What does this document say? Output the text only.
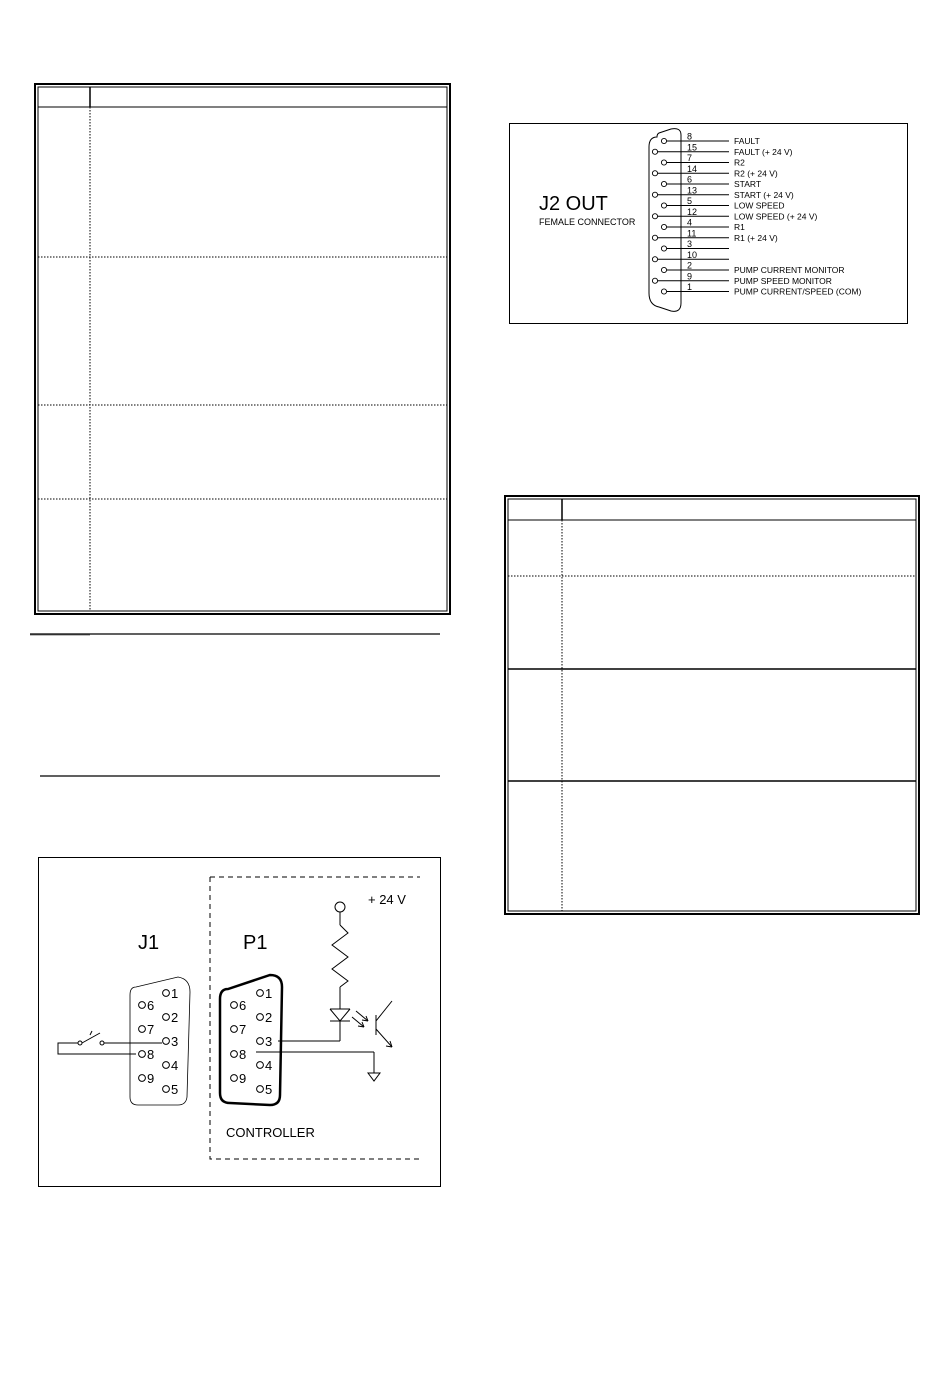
J2 OUT
FEMALE CONNECTOR
8	FAULT
15	FAULT (+ 24 V)
7	R2
14	R2 (+ 24 V)
6	START
13	START (+ 24 V)
5	LOW SPEED
12	LOW SPEED (+ 24 V)
4	R1
11	R1 (+ 24 V)
3
10
2	PUMP CURRENT MONITOR
9	PUMP SPEED MONITOR
1	PUMP CURRENT/SPEED (COM)
J1	P1
+ 24 V
CONTROLLER
1
2
3
4
5
6
7
8
9
1
2
3
4
5
6
7
8
9
